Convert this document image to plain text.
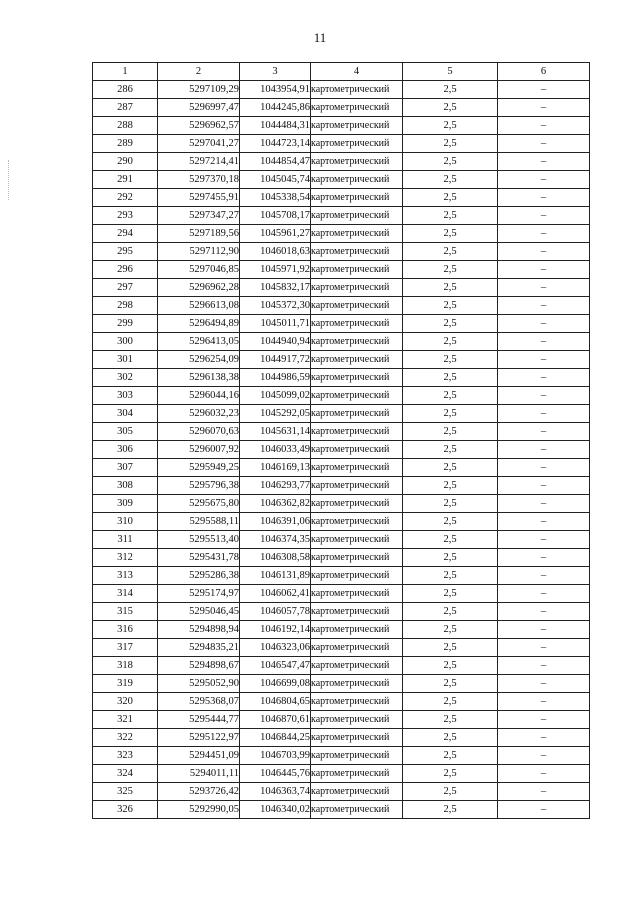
11
1	2	3	4	5	6
286	5297109,29	1043954,91	картометрический	2,5	–
287	5296997,47	1044245,86	картометрический	2,5	–
288	5296962,57	1044484,31	картометрический	2,5	–
289	5297041,27	1044723,14	картометрический	2,5	–
290	5297214,41	1044854,47	картометрический	2,5	–
291	5297370,18	1045045,74	картометрический	2,5	–
292	5297455,91	1045338,54	картометрический	2,5	–
293	5297347,27	1045708,17	картометрический	2,5	–
294	5297189,56	1045961,27	картометрический	2,5	–
295	5297112,90	1046018,63	картометрический	2,5	–
296	5297046,85	1045971,92	картометрический	2,5	–
297	5296962,28	1045832,17	картометрический	2,5	–
298	5296613,08	1045372,30	картометрический	2,5	–
299	5296494,89	1045011,71	картометрический	2,5	–
300	5296413,05	1044940,94	картометрический	2,5	–
301	5296254,09	1044917,72	картометрический	2,5	–
302	5296138,38	1044986,59	картометрический	2,5	–
303	5296044,16	1045099,02	картометрический	2,5	–
304	5296032,23	1045292,05	картометрический	2,5	–
305	5296070,63	1045631,14	картометрический	2,5	–
306	5296007,92	1046033,49	картометрический	2,5	–
307	5295949,25	1046169,13	картометрический	2,5	–
308	5295796,38	1046293,77	картометрический	2,5	–
309	5295675,80	1046362,82	картометрический	2,5	–
310	5295588,11	1046391,06	картометрический	2,5	–
311	5295513,40	1046374,35	картометрический	2,5	–
312	5295431,78	1046308,58	картометрический	2,5	–
313	5295286,38	1046131,89	картометрический	2,5	–
314	5295174,97	1046062,41	картометрический	2,5	–
315	5295046,45	1046057,78	картометрический	2,5	–
316	5294898,94	1046192,14	картометрический	2,5	–
317	5294835,21	1046323,06	картометрический	2,5	–
318	5294898,67	1046547,47	картометрический	2,5	–
319	5295052,90	1046699,08	картометрический	2,5	–
320	5295368,07	1046804,65	картометрический	2,5	–
321	5295444,77	1046870,61	картометрический	2,5	–
322	5295122,97	1046844,25	картометрический	2,5	–
323	5294451,09	1046703,99	картометрический	2,5	–
324	5294011,11	1046445,76	картометрический	2,5	–
325	5293726,42	1046363,74	картометрический	2,5	–
326	5292990,05	1046340,02	картометрический	2,5	–
